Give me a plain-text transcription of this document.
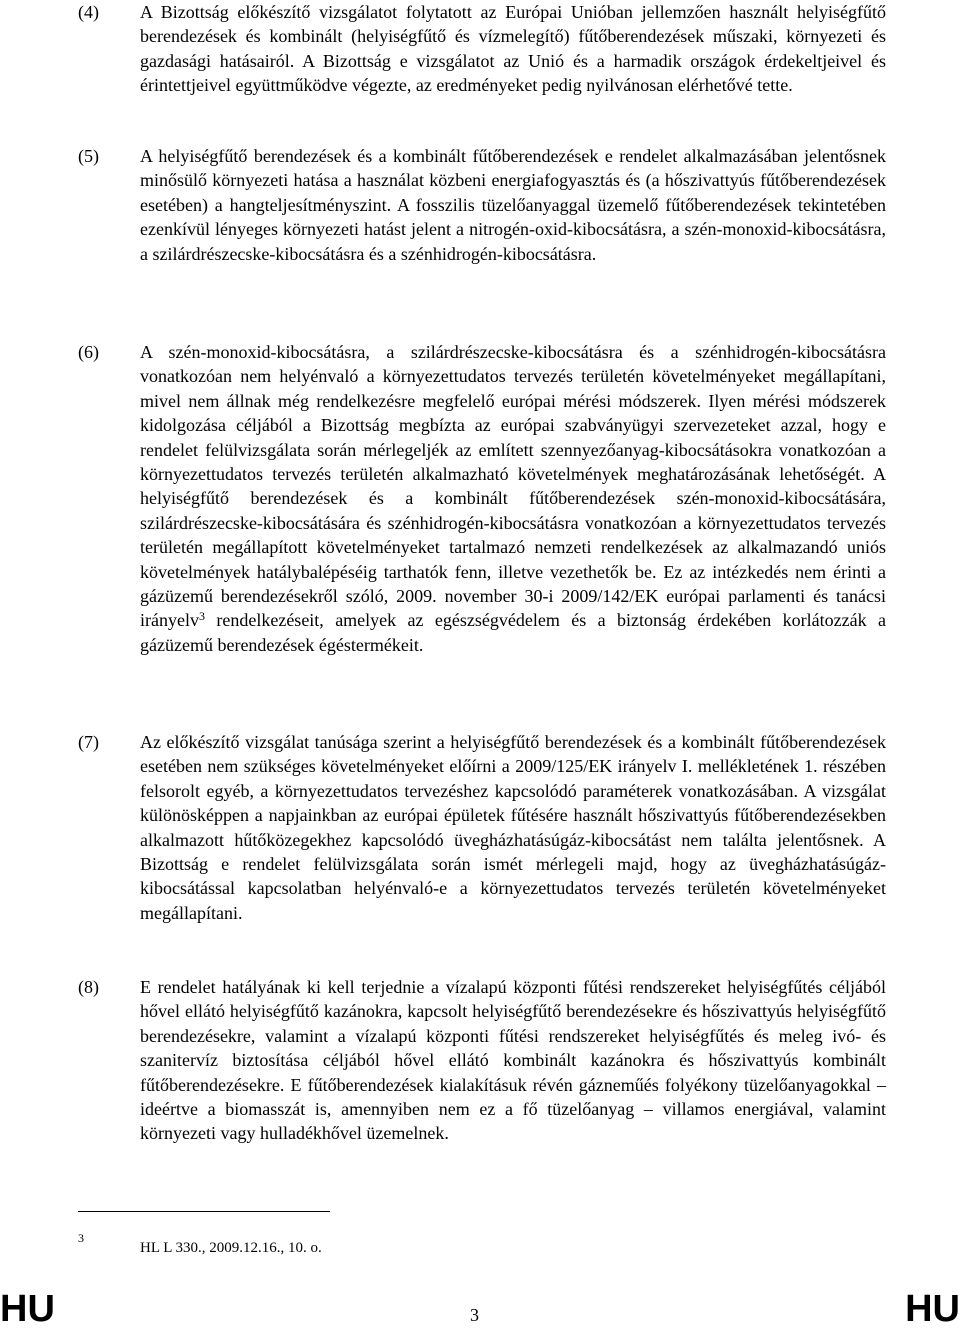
(4) A Bizottság előkészítő vizsgálatot folytatott az Európai Unióban jellemzően használt helyiségfűtő berendezések és kombinált (helyiségfűtő és vízmelegítő) fűtőberendezések műszaki, környezeti és gazdasági hatásairól. A Bizottság e vizsgálatot az Unió és a harmadik országok érdekeltjeivel és érintettjeivel együttműködve végezte, az eredményeket pedig nyilvánosan elérhetővé tette.
(5) A helyiségfűtő berendezések és a kombinált fűtőberendezések e rendelet alkalmazásában jelentősnek minősülő környezeti hatása a használat közbeni energiafogyasztás és (a hőszivattyús fűtőberendezések esetében) a hangteljesítményszint. A fosszilis tüzelőanyaggal üzemelő fűtőberendezések tekintetében ezenkívül lényeges környezeti hatást jelent a nitrogén-oxid-kibocsátásra, a szén-monoxid-kibocsátásra, a szilárdrészecske-kibocsátásra és a szénhidrogén-kibocsátásra.
(6) A szén-monoxid-kibocsátásra, a szilárdrészecske-kibocsátásra és a szénhidrogén-kibocsátásra vonatkozóan nem helyénvaló a környezettudatos tervezés területén követelményeket megállapítani, mivel nem állnak még rendelkezésre megfelelő európai mérési módszerek. Ilyen mérési módszerek kidolgozása céljából a Bizottság megbízta az európai szabványügyi szervezeteket azzal, hogy e rendelet felülvizsgálata során mérlegeljék az említett szennyezőanyag-kibocsátásokra vonatkozóan a környezettudatos tervezés területén alkalmazható követelmények meghatározásának lehetőségét. A helyiségfűtő berendezések és a kombinált fűtőberendezések szén-monoxid-kibocsátására, szilárdrészecske-kibocsátására és szénhidrogén-kibocsátásra vonatkozóan a környezettudatos tervezés területén megállapított követelményeket tartalmazó nemzeti rendelkezések az alkalmazandó uniós követelmények hatálybalépéséig tarthatók fenn, illetve vezethetők be. Ez az intézkedés nem érinti a gázüzemű berendezésekről szóló, 2009. november 30-i 2009/142/EK európai parlamenti és tanácsi irányelv$^3$ rendelkezéseit, amelyek az egészségvédelem és a biztonság érdekében korlátozzák a gázüzemű berendezések égéstermékeit.
(7) Az előkészítő vizsgálat tanúsága szerint a helyiségfűtő berendezések és a kombinált fűtőberendezések esetében nem szükséges követelményeket előírni a 2009/125/EK irányelv I. mellékletének 1. részében felsorolt egyéb, a környezettudatos tervezéshez kapcsolódó paraméterek vonatkozásában. A vizsgálat különösképpen a napjainkban az európai épületek fűtésére használt hőszivattyús fűtőberendezésekben alkalmazott hűtőközegekhez kapcsolódó üvegházhatásúgáz-kibocsátást nem találta jelentősnek. A Bizottság e rendelet felülvizsgálata során ismét mérlegeli majd, hogy az üvegházhatásúgáz-kibocsátással kapcsolatban helyénvaló-e a környezettudatos tervezés területén követelményeket megállapítani.
(8) E rendelet hatályának ki kell terjednie a vízalapú központi fűtési rendszereket helyiségfűtés céljából hővel ellátó helyiségfűtő kazánokra, kapcsolt helyiségfűtő berendezésekre és hőszivattyús helyiségfűtő berendezésekre, valamint a vízalapú központi fűtési rendszereket helyiségfűtés és meleg ivó- és szanitervíz biztosítása céljából hővel ellátó kombinált kazánokra és hőszivattyús kombinált fűtőberendezésekre. E fűtőberendezések kialakításuk révén gázneműés folyékony tüzelőanyagokkal – ideértve a biomasszát is, amennyiben nem ez a fő tüzelőanyag – villamos energiával, valamint környezeti vagy hulladékhővel üzemelnek.
3
HL L 330., 2009.12.16., 10. o.
HU	3	HU
